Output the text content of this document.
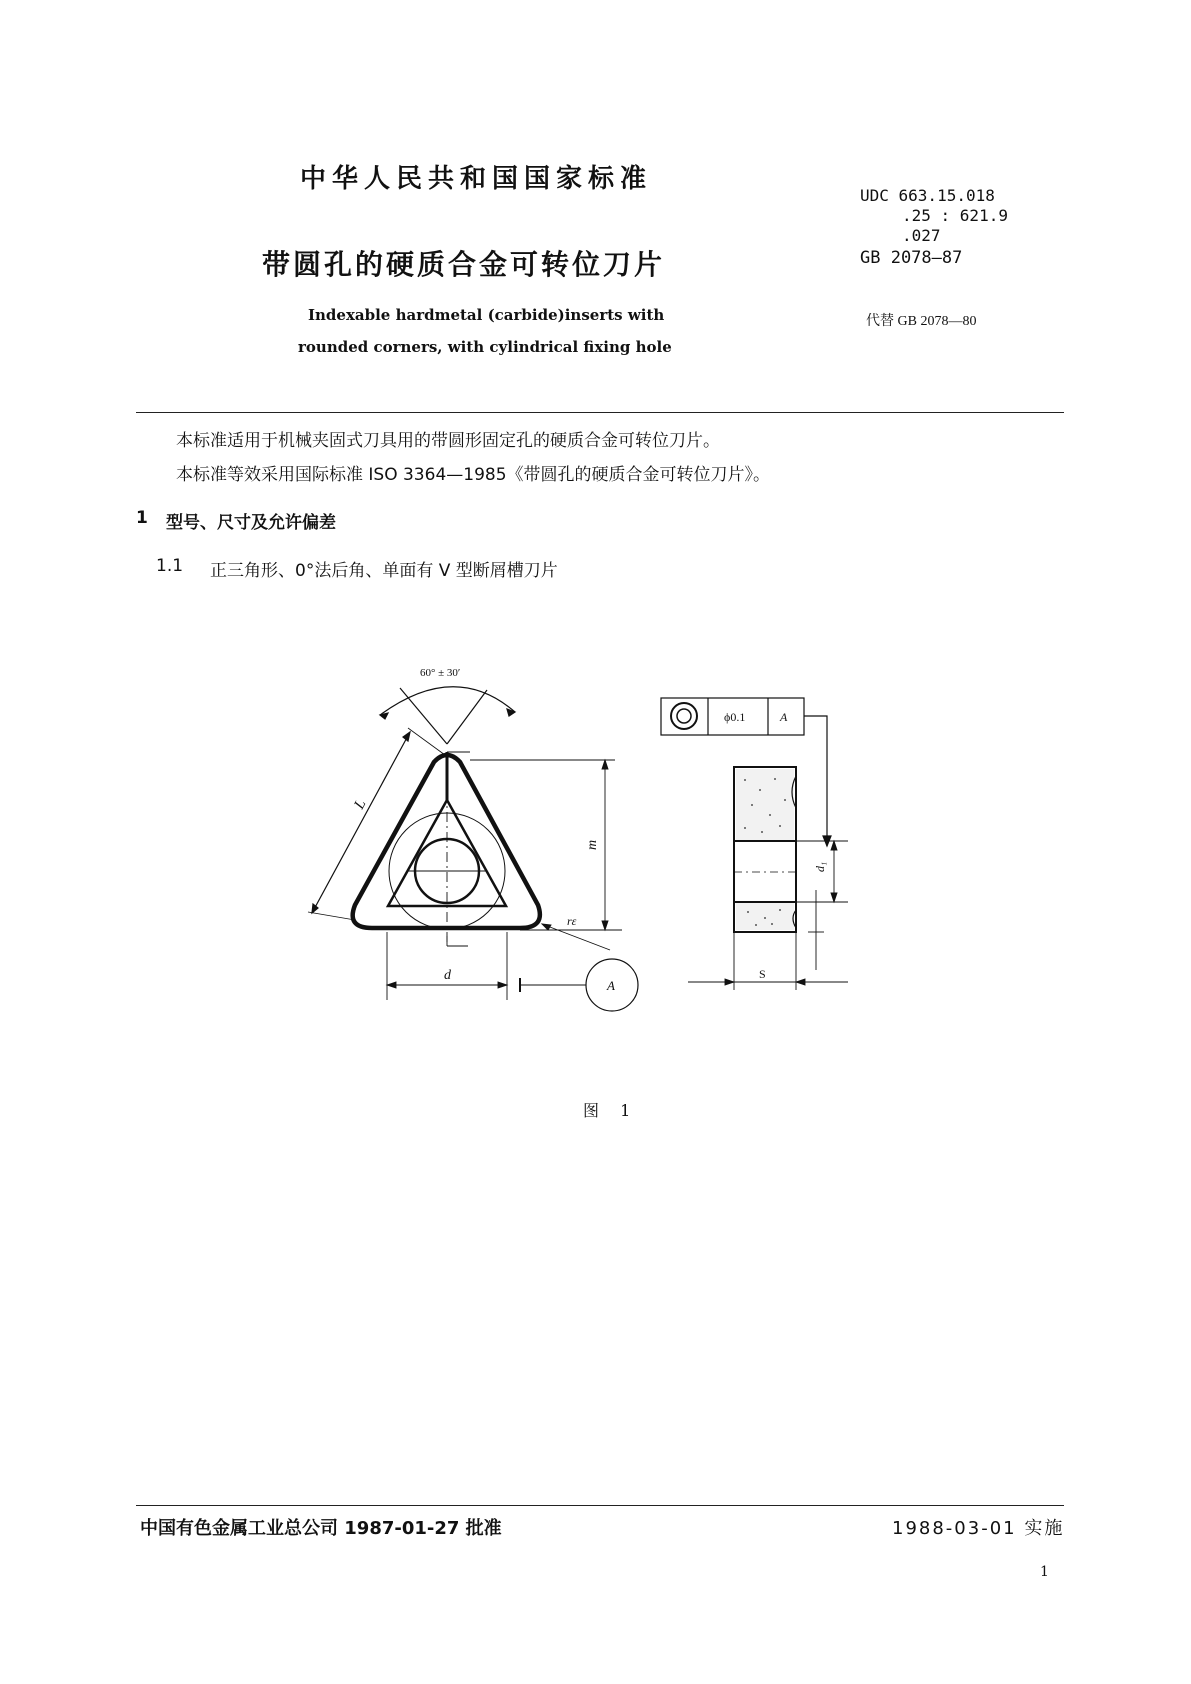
中华人民共和国国家标准
带圆孔的硬质合金可转位刀片
Indexable hardmetal (carbide)inserts with
rounded corners, with cylindrical fixing hole
UDC 663.15.018
.25 : 621.9
.027
GB 2078—87
代替 GB 2078—80
本标准适用于机械夹固式刀具用的带圆形固定孔的硬质合金可转位刀片。
本标准等效采用国际标准 ISO 3364—1985《带圆孔的硬质合金可转位刀片》。
1 型号、尺寸及允许偏差
1.1 正三角形、0°法后角、单面有 V 型断屑槽刀片
60° ± 30′
L
m
d
rε
A
ϕ0.1	A
d₁
S
图 1
中国有色金属工业总公司 1987-01-27 批准	1988-03-01 实施
1
